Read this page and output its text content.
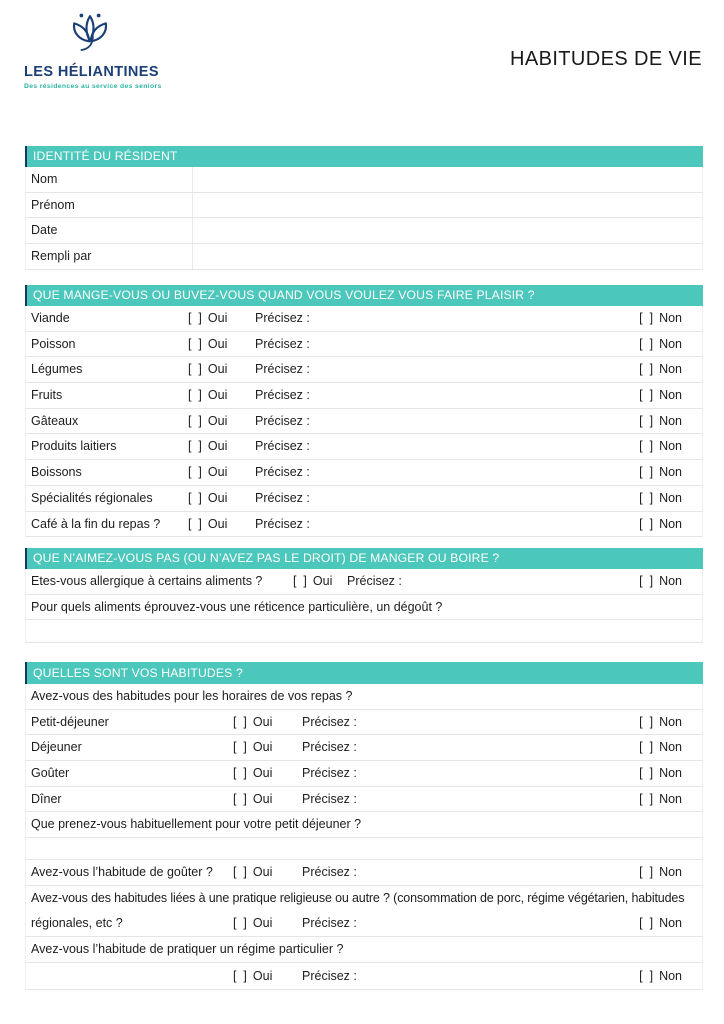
LES HÉLIANTINES
Des résidences au service des seniors
HABITUDES DE VIE
IDENTITÉ DU RÉSIDENT
Nom
Prénom
Date
Rempli par
QUE MANGE-VOUS OU BUVEZ-VOUS QUAND VOUS VOULEZ VOUS FAIRE PLAISIR ?
Viande	[  ] Oui Précisez :	[  ] Non
Poisson	[  ] Oui Précisez :	[  ] Non
Légumes	[  ] Oui Précisez :	[  ] Non
Fruits	[  ] Oui Précisez :	[  ] Non
Gâteaux	[  ] Oui Précisez :	[  ] Non
Produits laitiers	[  ] Oui Précisez :	[  ] Non
Boissons	[  ] Oui Précisez :	[  ] Non
Spécialités régionales	[  ] Oui Précisez :	[  ] Non
Café à la fin du repas ? [  ] Oui Précisez :	[  ] Non
QUE N’AIMEZ-VOUS PAS (OU N’AVEZ PAS LE DROIT) DE MANGER OU BOIRE ?
Etes-vous allergique à certains aliments ? [  ] Oui Précisez :	[  ] Non
Pour quels aliments éprouvez-vous une réticence particulière, un dégoût ?
QUELLES SONT VOS HABITUDES ?
Avez-vous des habitudes pour les horaires de vos repas ?
Petit-déjeuner	[  ] Oui Précisez :	[  ] Non
Déjeuner	[  ] Oui Précisez :	[  ] Non
Goûter	[  ] Oui Précisez :	[  ] Non
Dîner	[  ] Oui Précisez :	[  ] Non
Que prenez-vous habituellement pour votre petit déjeuner ?
Avez-vous l’habitude de goûter ? [  ] Oui Précisez :	[  ] Non
Avez-vous des habitudes liées à une pratique religieuse ou autre ? (consommation de porc, régime végétarien, habitudes
régionales, etc ?	[  ] Oui Précisez :	[  ] Non
Avez-vous l’habitude de pratiquer un régime particulier ?
[  ] Oui Précisez :	[  ] Non
